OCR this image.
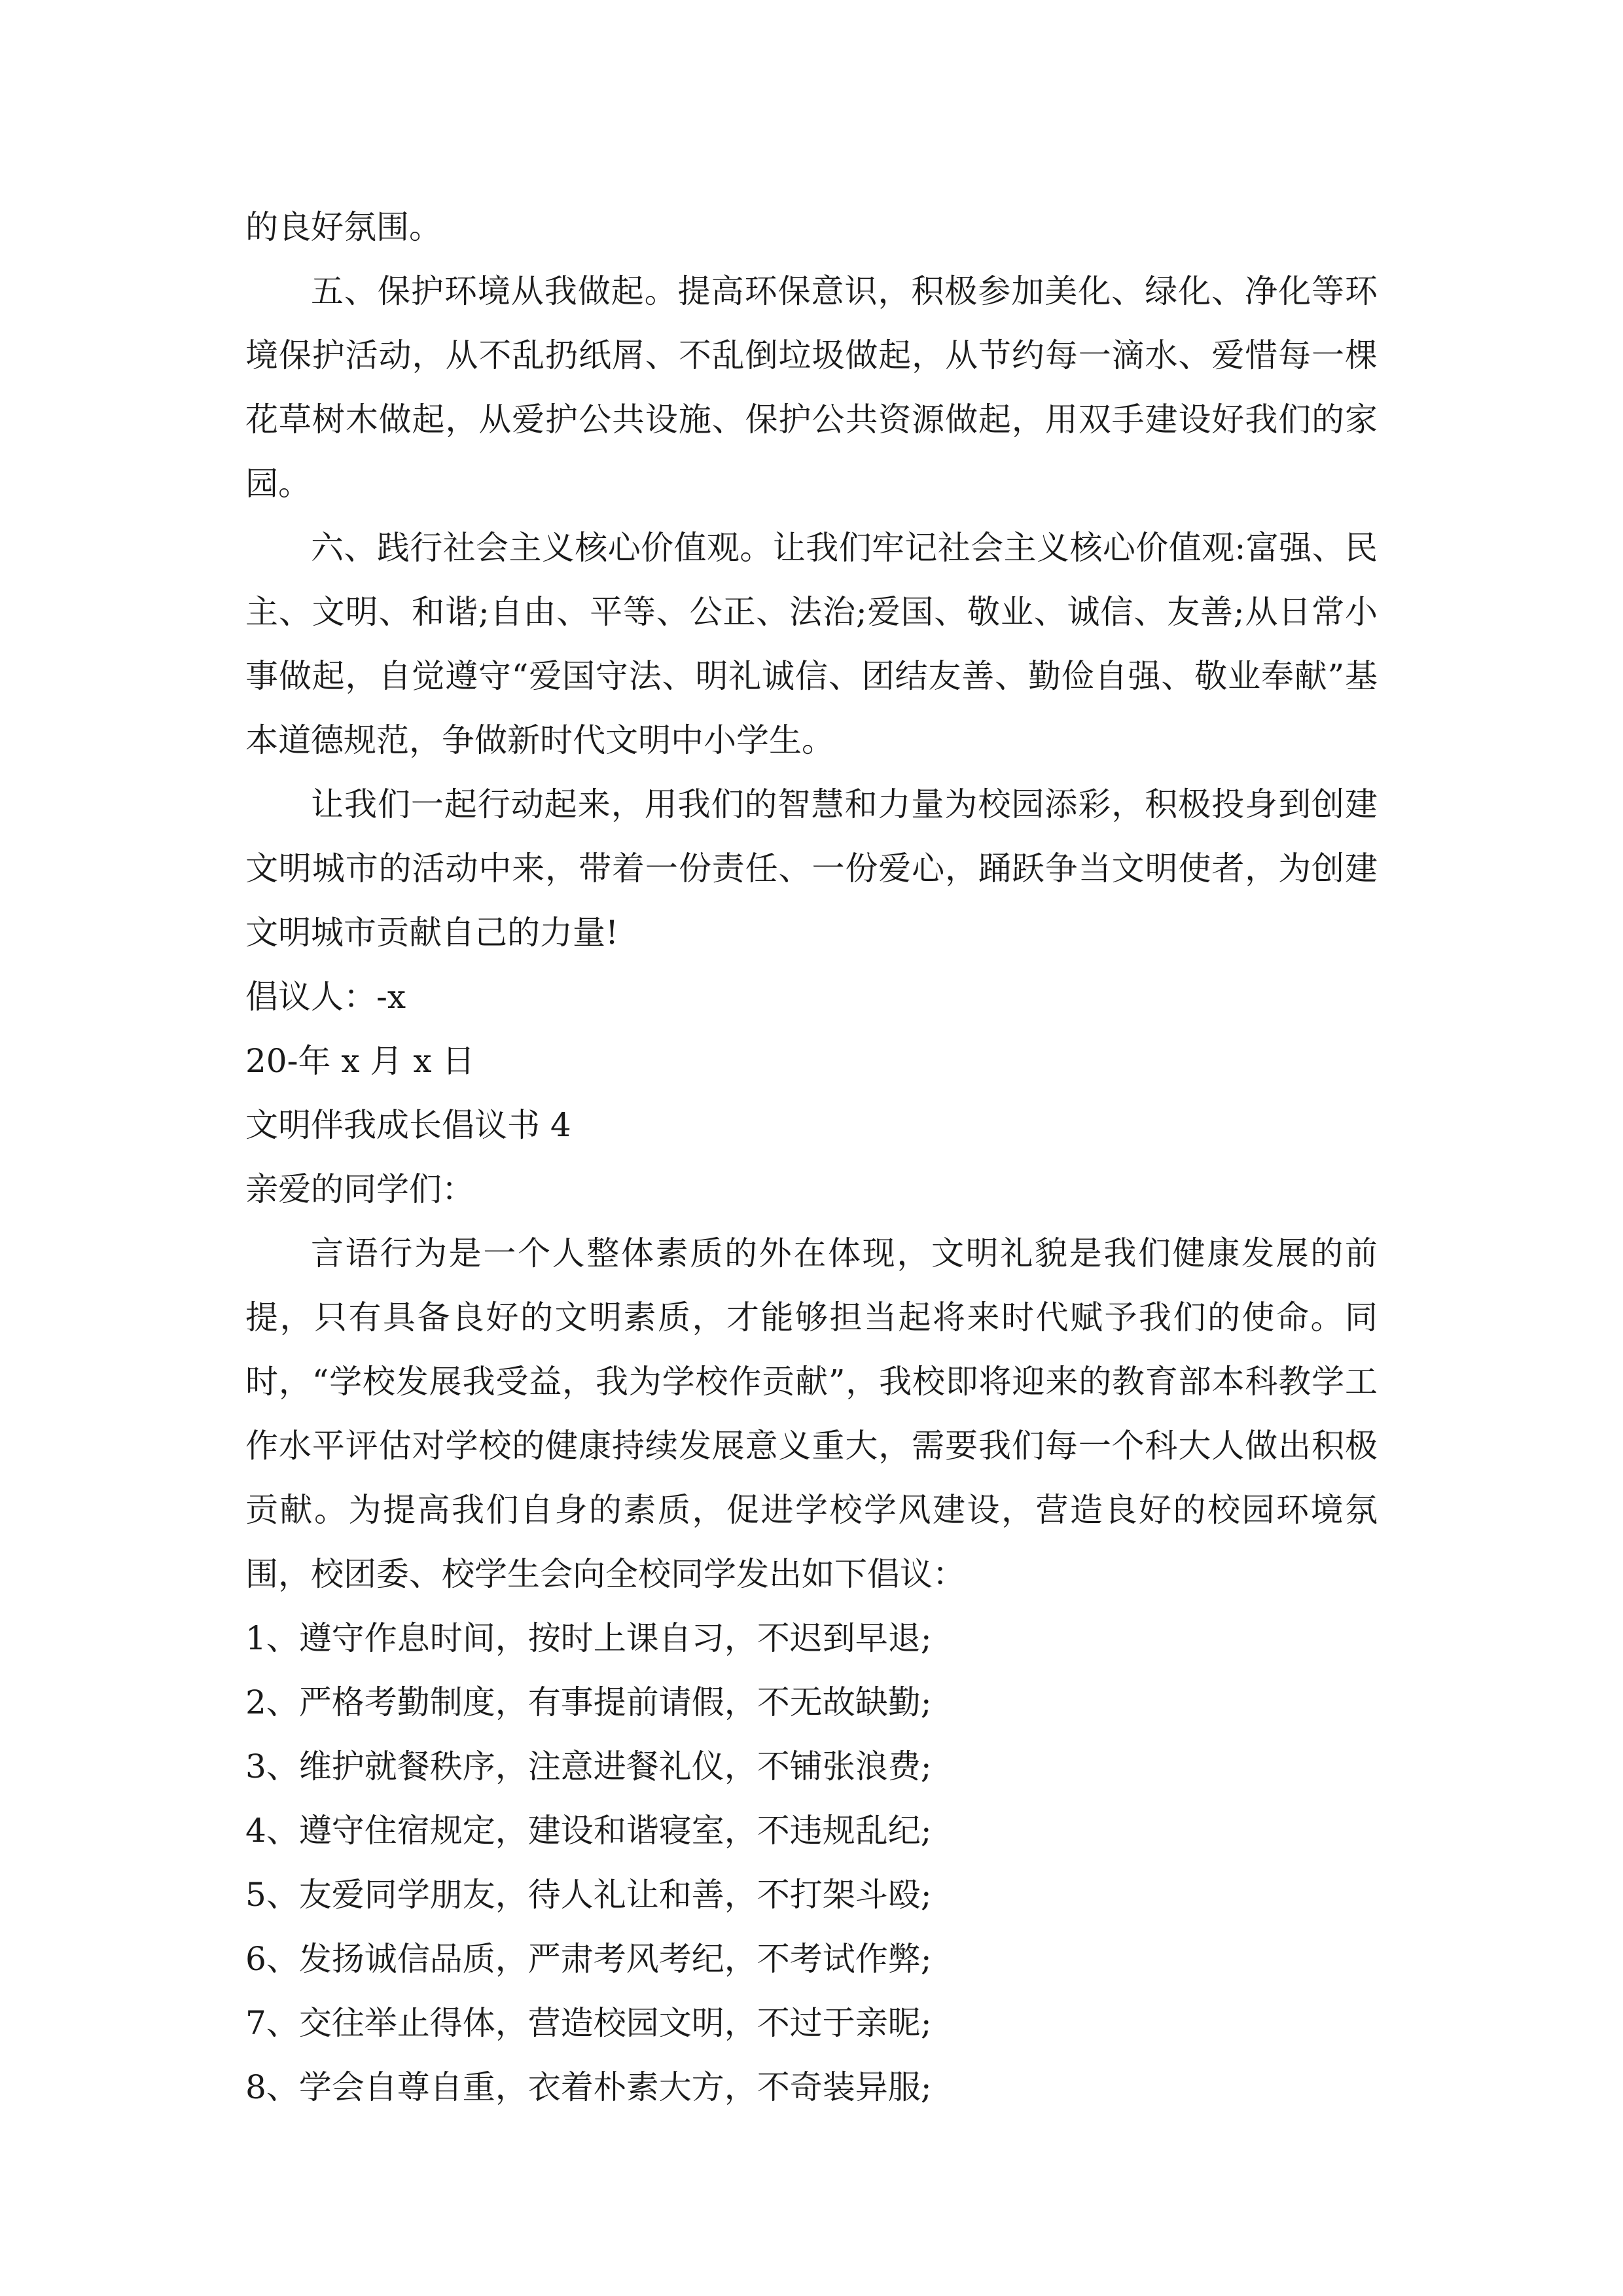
的良好氛围。

五、保护环境从我做起。提高环保意识，积极参加美化、绿化、净化等环境保护活动，从不乱扔纸屑、不乱倒垃圾做起，从节约每一滴水、爱惜每一棵花草树木做起，从爱护公共设施、保护公共资源做起，用双手建设好我们的家园。

六、践行社会主义核心价值观。让我们牢记社会主义核心价值观:富强、民主、文明、和谐;自由、平等、公正、法治;爱国、敬业、诚信、友善;从日常小事做起，自觉遵守“爱国守法、明礼诚信、团结友善、勤俭自强、敬业奉献”基本道德规范，争做新时代文明中小学生。

让我们一起行动起来，用我们的智慧和力量为校园添彩，积极投身到创建文明城市的活动中来，带着一份责任、一份爱心，踊跃争当文明使者，为创建文明城市贡献自己的力量!

倡议人：-x

20-年 x 月 x 日

文明伴我成长倡议书 4

亲爱的同学们：

言语行为是一个人整体素质的外在体现，文明礼貌是我们健康发展的前提，只有具备良好的文明素质，才能够担当起将来时代赋予我们的使命。同时，“学校发展我受益，我为学校作贡献”，我校即将迎来的教育部本科教学工作水平评估对学校的健康持续发展意义重大，需要我们每一个科大人做出积极贡献。为提高我们自身的素质，促进学校学风建设，营造良好的校园环境氛围，校团委、校学生会向全校同学发出如下倡议：

1、遵守作息时间，按时上课自习，不迟到早退;

2、严格考勤制度，有事提前请假，不无故缺勤;

3、维护就餐秩序，注意进餐礼仪，不铺张浪费;

4、遵守住宿规定，建设和谐寝室，不违规乱纪;

5、友爱同学朋友，待人礼让和善，不打架斗殴;

6、发扬诚信品质，严肃考风考纪，不考试作弊;

7、交往举止得体，营造校园文明，不过于亲昵;

8、学会自尊自重，衣着朴素大方，不奇装异服;
